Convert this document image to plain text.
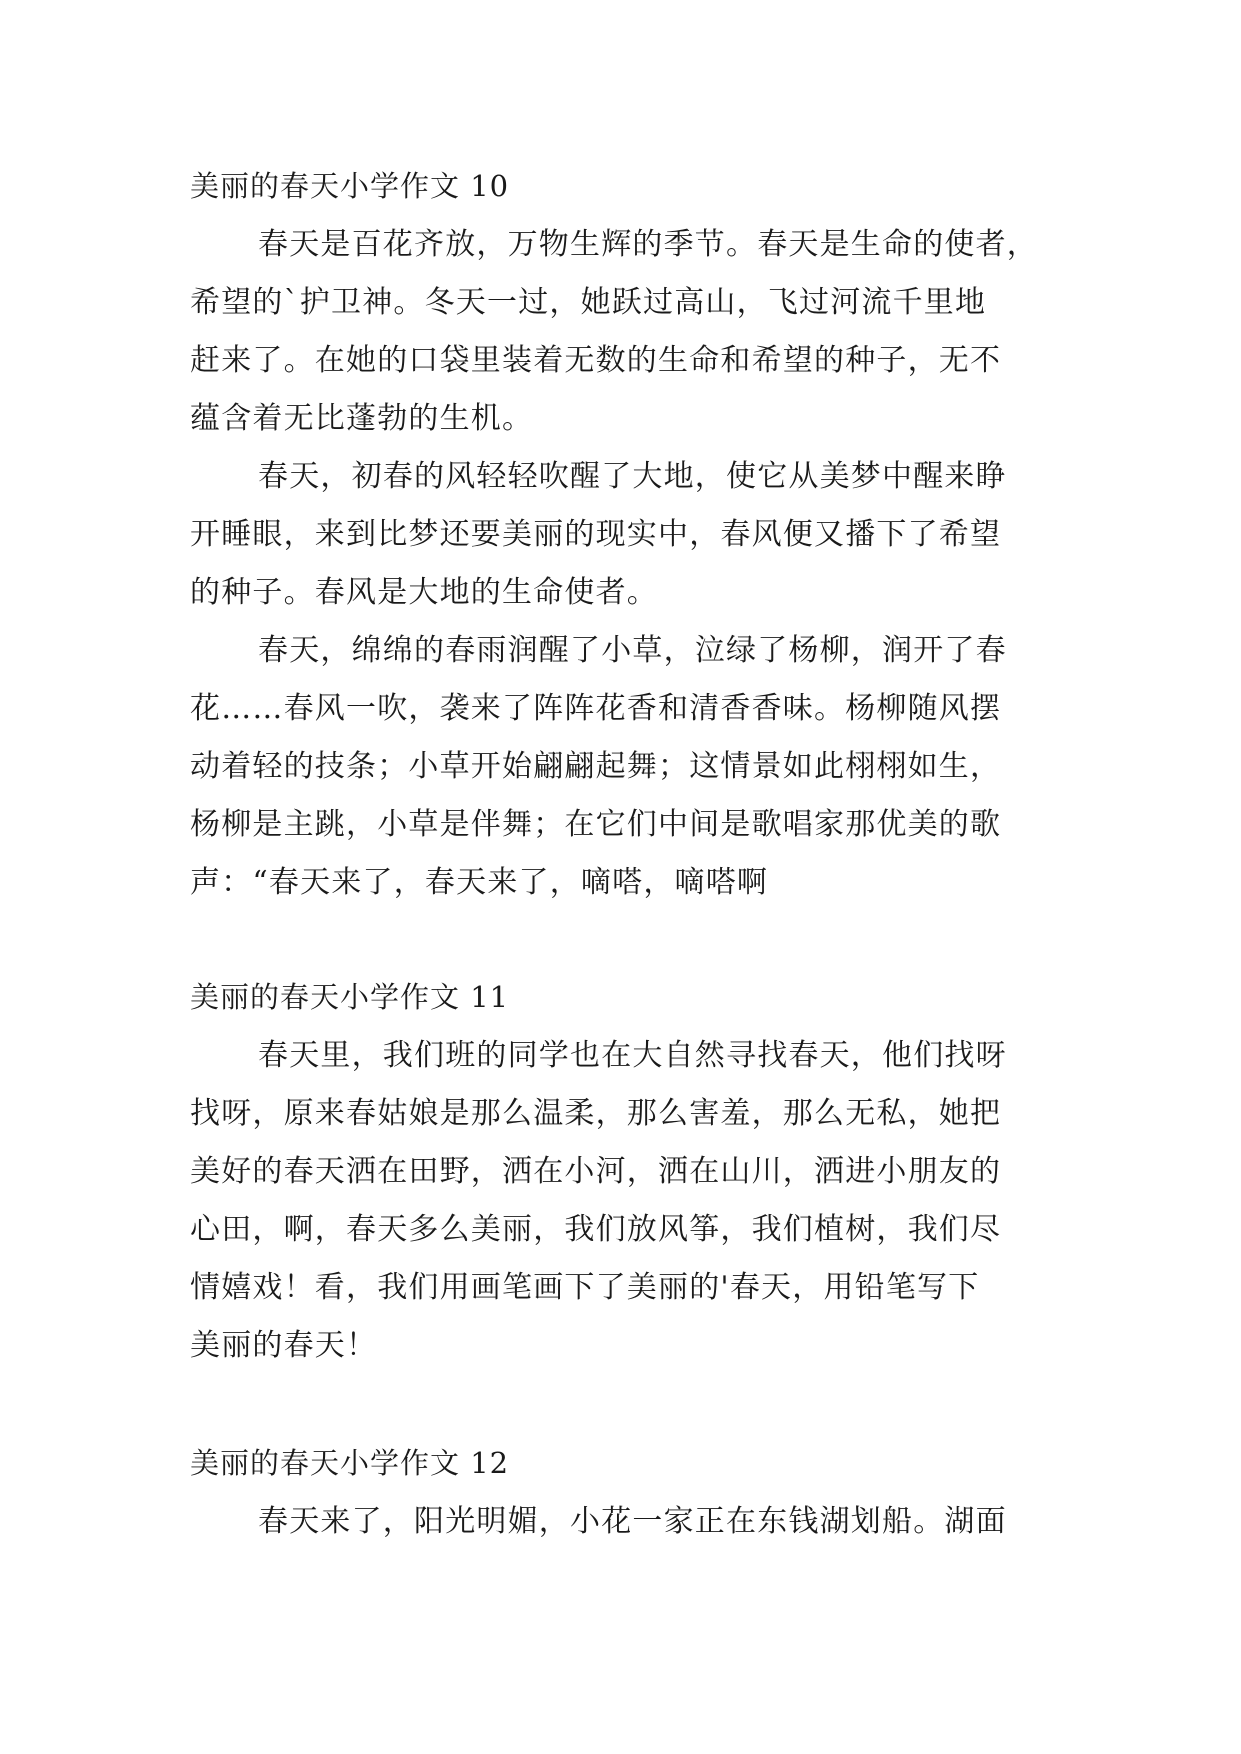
美丽的春天小学作文 10
春天是百花齐放，万物生辉的季节。春天是生命的使者，
希望的`护卫神。冬天一过，她跃过高山，飞过河流千里地
赶来了。在她的口袋里装着无数的生命和希望的种子，无不
蕴含着无比蓬勃的生机。
春天，初春的风轻轻吹醒了大地，使它从美梦中醒来睁
开睡眼，来到比梦还要美丽的现实中，春风便又播下了希望
的种子。春风是大地的生命使者。
春天，绵绵的春雨润醒了小草，泣绿了杨柳，润开了春
花……春风一吹，袭来了阵阵花香和清香香味。杨柳随风摆
动着轻的技条；小草开始翩翩起舞；这情景如此栩栩如生，
杨柳是主跳，小草是伴舞；在它们中间是歌唱家那优美的歌
声：“春天来了，春天来了，嘀嗒，嘀嗒啊
美丽的春天小学作文 11
春天里，我们班的同学也在大自然寻找春天，他们找呀
找呀，原来春姑娘是那么温柔，那么害羞，那么无私，她把
美好的春天洒在田野，洒在小河，洒在山川，洒进小朋友的
心田，啊，春天多么美丽，我们放风筝，我们植树，我们尽
情嬉戏！看，我们用画笔画下了美丽的'春天，用铅笔写下
美丽的春天！
美丽的春天小学作文 12
春天来了，阳光明媚，小花一家正在东钱湖划船。湖面
